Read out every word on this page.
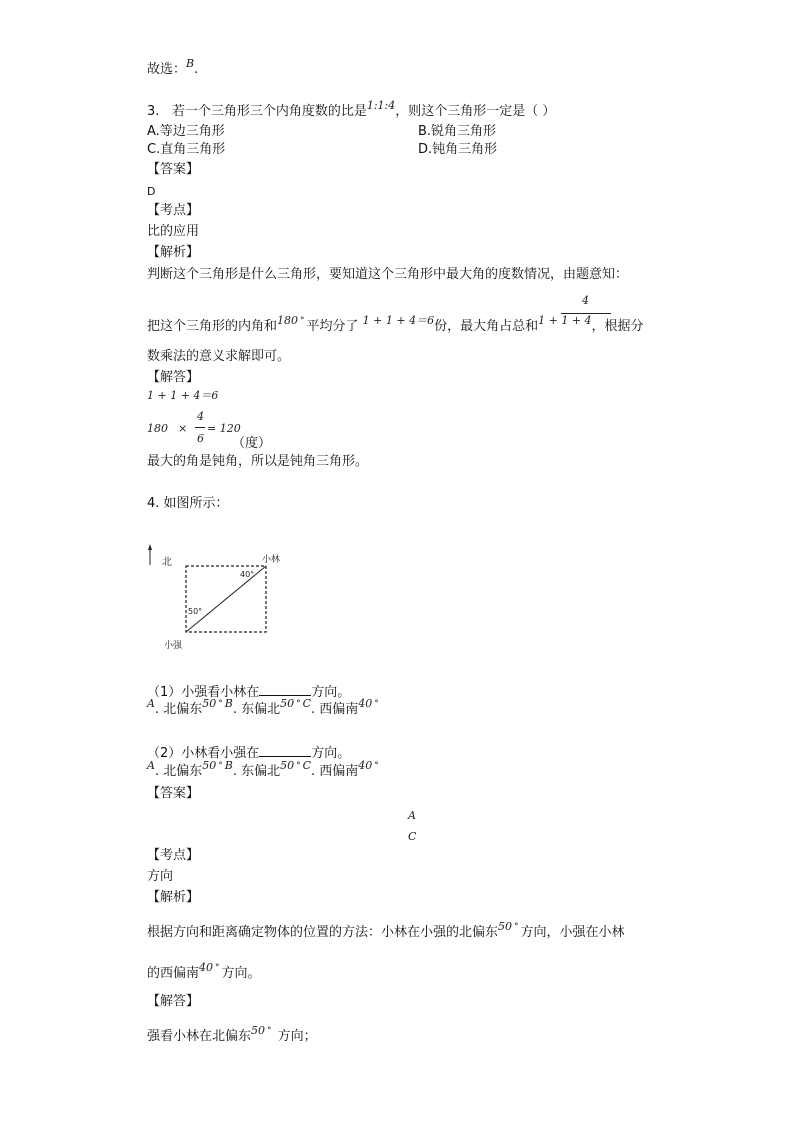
故选：$^B$.
3. 若一个三角形三个内角度数的比是$^{1:1:4}$，则这个三角形一定是（ ）
A.等边三角形	B.锐角三角形
C.直角三角形	D.钝角三角形
【答案】
D
【考点】
比的应用
【解析】
判断这个三角形是什么三角形，要知道这个三角形中最大角的度数情况，由题意知：
4
把这个三角形的内角和$^{180}$ ° 平均分了 $^{1 + 1 + 4=6}$份，最大角占总和$^{1 + 1 + 4}$，根据分
数乘法的意义求解即可。
【解答】
1 + 1 + 4＝6
180 ×
4
6
= 120
（度）
最大的角是钝角，所以是钝角三角形。
4. 如图所示：
北	小林
40°
50°
小强
（1）小强看小林在	方向。
$^A$. 北偏东$^{50}$ ° $^B$. 东偏北$^{50}$ ° $^C$. 西偏南$^{40}$ °
（2）小林看小强在	方向。
$^A$. 北偏东$^{50}$ ° $^B$. 东偏北$^{50}$ ° $^C$. 西偏南$^{40}$ °
【答案】
A
C
【考点】
方向
【解析】
根据方向和距离确定物体的位置的方法：小林在小强的北偏东$^{50}$ ° 方向，小强在小林
的西偏南$^{40}$ ° 方向。
【解答】
强看小林在北偏东$^{50}$ ° 方向；
